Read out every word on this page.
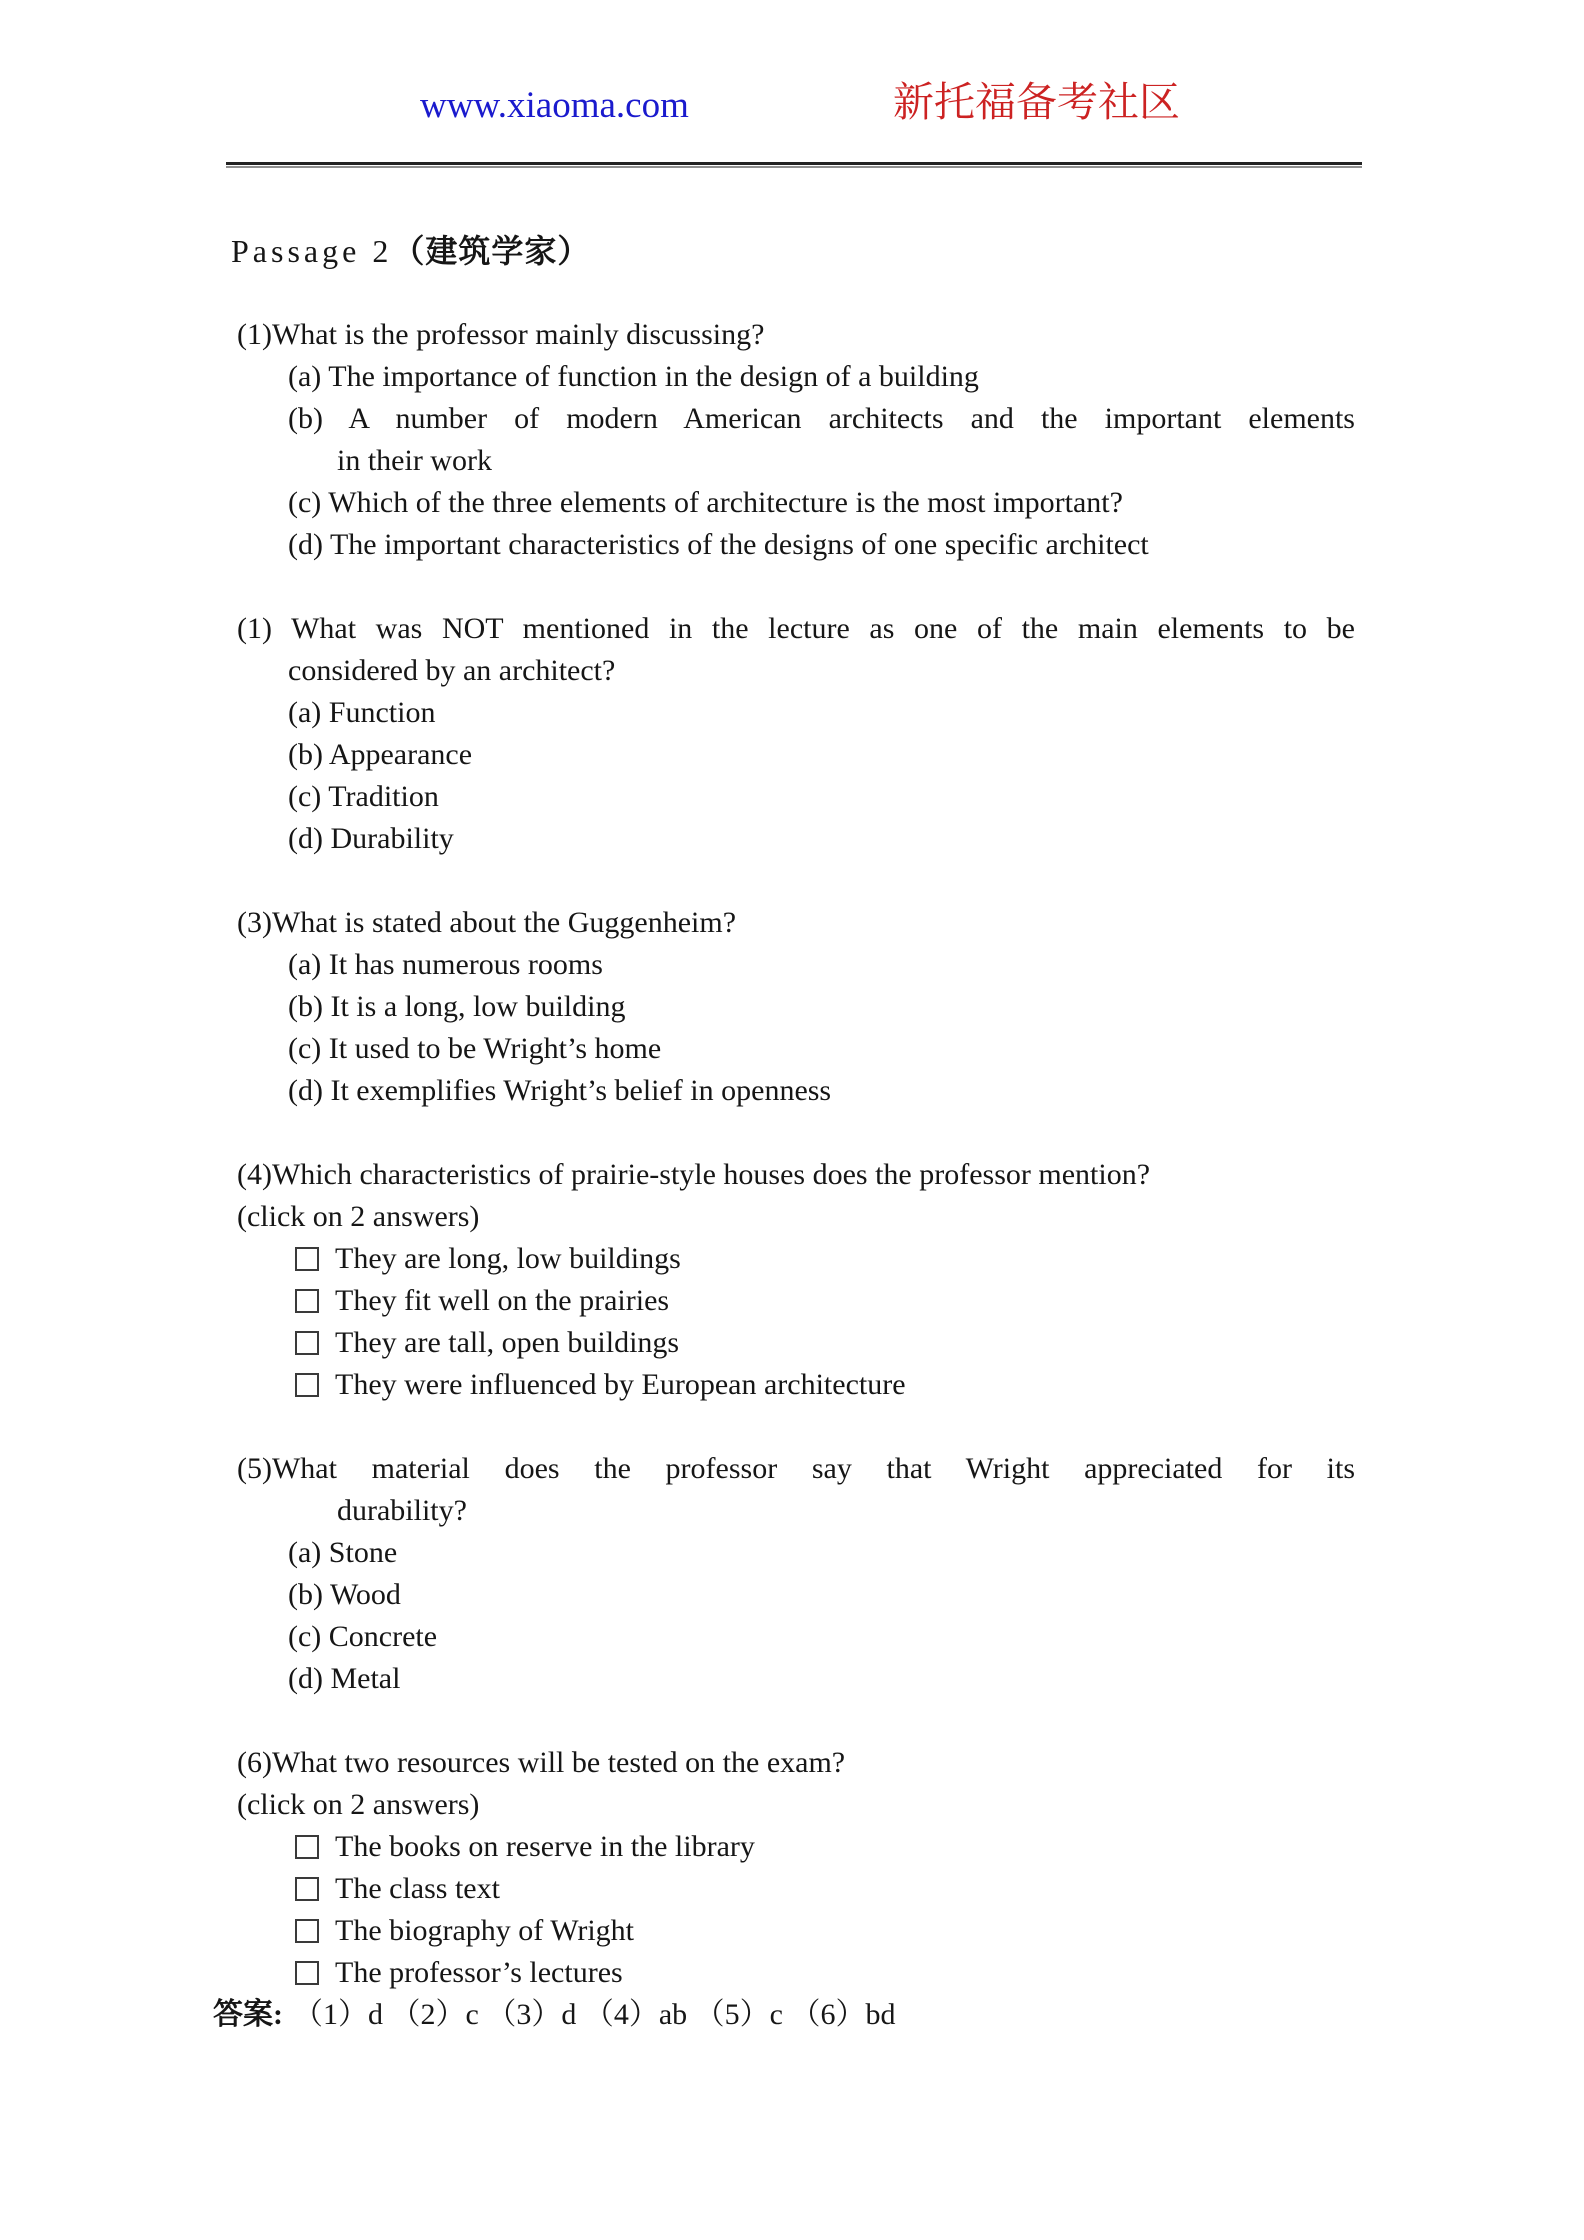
www.xiaoma.com	新托福备考社区
Passage 2（建筑学家）
(1)What is the professor mainly discussing?
(a) The importance of function in the design of a building
(b) A number of modern American architects and the important elements
in their work
(c) Which of the three elements of architecture is the most important?
(d) The important characteristics of the designs of one specific architect
(1) What was NOT mentioned in the lecture as one of the main elements to be
considered by an architect?
(a) Function
(b) Appearance
(c) Tradition
(d) Durability
(3)What is stated about the Guggenheim?
(a) It has numerous rooms
(b) It is a long, low building
(c) It used to be Wright’s home
(d) It exemplifies Wright’s belief in openness
(4)Which characteristics of prairie-style houses does the professor mention?
(click on 2 answers)
They are long, low buildings
They fit well on the prairies
They are tall, open buildings
They were influenced by European architecture
(5)What material does the professor say that Wright appreciated for its
durability?
(a) Stone
(b) Wood
(c) Concrete
(d) Metal
(6)What two resources will be tested on the exam?
(click on 2 answers)
The books on reserve in the library
The class text
The biography of Wright
The professor’s lectures
答案: （1）d （2）c （3）d （4）ab （5）c （6）bd
